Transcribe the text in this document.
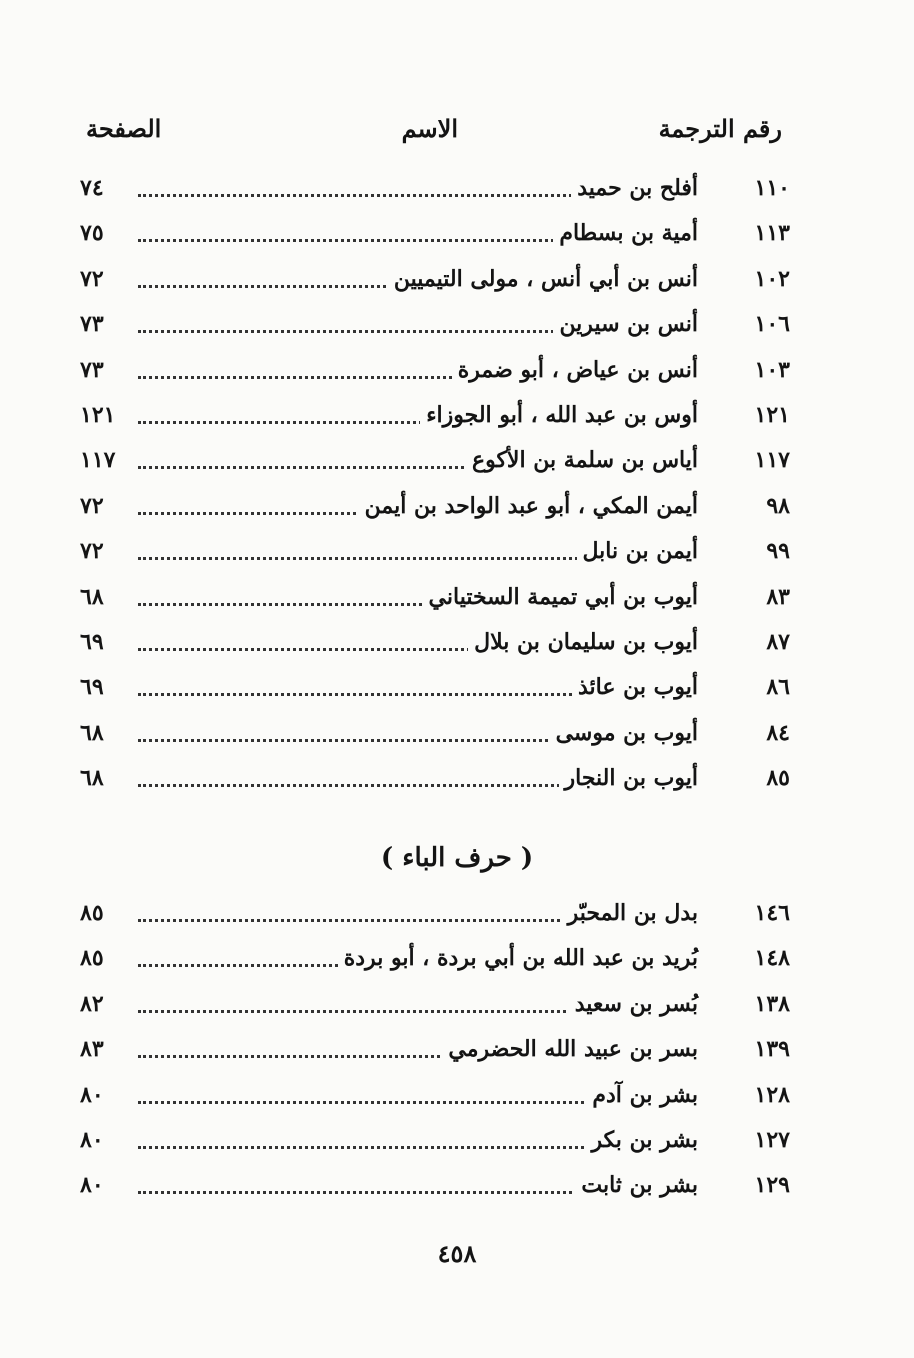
رقم الترجمة
الاسم
الصفحة
١١٠
أفلح بن حميد
٧٤
١١٣
أمية بن بسطام
٧٥
١٠٢
أنس بن أبي أنس ، مولى التيميين
٧٢
١٠٦
أنس بن سيرين
٧٣
١٠٣
أنس بن عياض ، أبو ضمرة
٧٣
١٢١
أوس بن عبد الله ، أبو الجوزاء
١٢١
١١٧
أياس بن سلمة بن الأكوع
١١٧
٩٨
أيمن المكي ، أبو عبد الواحد بن أيمن
٧٢
٩٩
أيمن بن نابل
٧٢
٨٣
أيوب بن أبي تميمة السختياني
٦٨
٨٧
أيوب بن سليمان بن بلال
٦٩
٨٦
أيوب بن عائذ
٦٩
٨٤
أيوب بن موسى
٦٨
٨٥
أيوب بن النجار
٦٨
( حرف الباء )
١٤٦
بدل بن المحبّر
٨٥
١٤٨
بُريد بن عبد الله بن أبي بردة ، أبو بردة
٨٥
١٣٨
بُسر بن سعيد
٨٢
١٣٩
بسر بن عبيد الله الحضرمي
٨٣
١٢٨
بشر بن آدم
٨٠
١٢٧
بشر بن بكر
٨٠
١٢٩
بشر بن ثابت
٨٠
٤٥٨
